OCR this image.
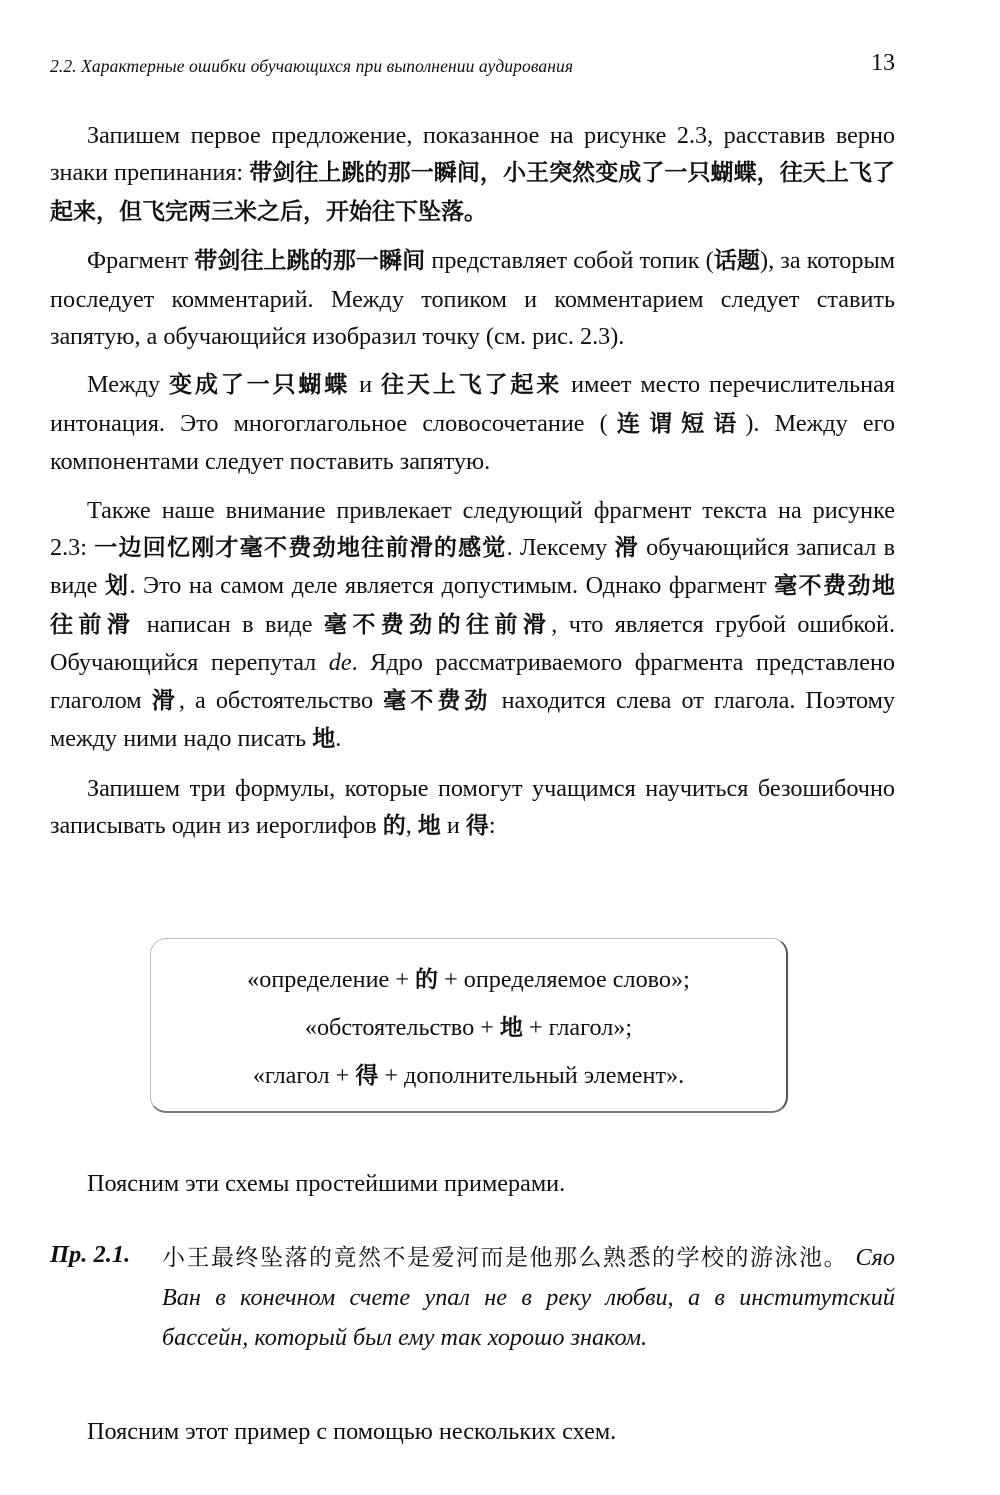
2.2. Характерные ошибки обучающихся при выполнении аудирования	13

Запишем первое предложение, показанное на рисунке 2.3, расставив верно знаки препинания: 带剑往上跳的那一瞬间，小王突然变成了一只蝴蝶，往天上飞了起来，但飞完两三米之后，开始往下坠落。

Фрагмент 带剑往上跳的那一瞬间 представляет собой топик (话题), за которым последует комментарий. Между топиком и комментарием следует ставить запятую, а обучающийся изобразил точку (см. рис. 2.3).

Между 变成了一只蝴蝶 и 往天上飞了起来 имеет место перечислительная интонация. Это многоглагольное словосочетание (连谓短语). Между его компонентами следует поставить запятую.

Также наше внимание привлекает следующий фрагмент текста на рисунке 2.3: 一边回忆刚才毫不费劲地往前滑的感觉. Лексему 滑 обучающийся записал в виде 划. Это на самом деле является допустимым. Однако фрагмент 毫不费劲地往前滑 написан в виде 毫不费劲的往前滑, что является грубой ошибкой. Обучающийся перепутал de. Ядро рассматриваемого фрагмента представлено глаголом 滑, а обстоятельство 毫不费劲 находится слева от глагола. Поэтому между ними надо писать 地.

Запишем три формулы, которые помогут учащимся научиться безошибочно записывать один из иероглифов 的, 地 и 得:

«определение + 的 + определяемое слово»;
«обстоятельство + 地 + глагол»;
«глагол + 得 + дополнительный элемент».
Поясним эти схемы простейшими примерами.
Пр. 2.1. 小王最终坠落的竟然不是爱河而是他那么熟悉的学校的游泳池。 Сяо Ван в конечном счете упал не в реку любви, а в институтский бассейн, который был ему так хорошо знаком.
Поясним этот пример с помощью нескольких схем.
